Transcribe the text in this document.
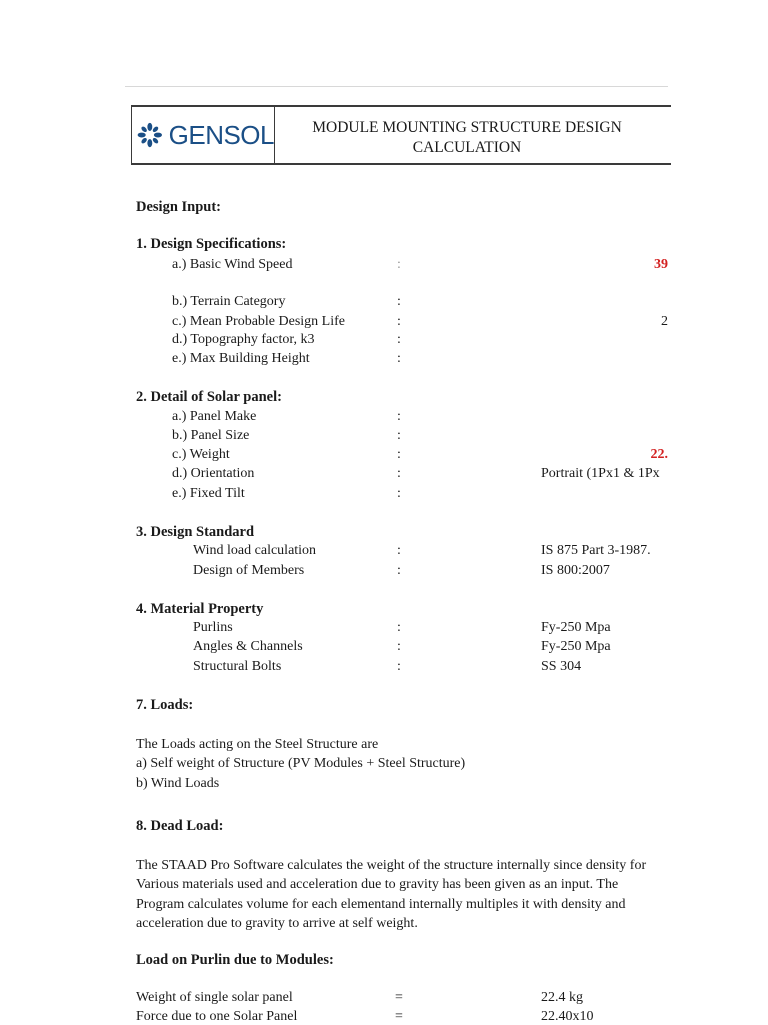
GENSOL	MODULE MOUNTING STRUCTURE DESIGN
CALCULATION
Design Input:
1. Design Specifications:
a.) Basic Wind Speed	:	39
b.) Terrain Category	:
c.) Mean Probable Design Life	:	2
d.) Topography factor, k3	:
e.) Max Building Height	:
2. Detail of Solar panel:
a.) Panel Make	:
b.) Panel Size	:
c.) Weight	:	22.
d.) Orientation	:	Portrait (1Px1 & 1Px
e.) Fixed Tilt	:
3. Design Standard
Wind load calculation	:	IS 875 Part 3-1987.
Design of Members	:	IS 800:2007
4. Material Property
Purlins	:	Fy-250 Mpa
Angles & Channels	:	Fy-250 Mpa
Structural Bolts	:	SS 304
7. Loads:
The Loads acting on the Steel Structure are
a) Self weight of Structure (PV Modules + Steel Structure)
b) Wind Loads
8. Dead Load:
The STAAD Pro Software calculates the weight of the structure internally since density for
Various materials used and acceleration due to gravity has been given as an input. The
Program calculates volume for each elementand internally multiples it with density and
acceleration due to gravity to arrive at self weight.
Load on Purlin due to Modules:
Weight of single solar panel	=	22.4 kg
Force due to one Solar Panel	=	22.40x10
